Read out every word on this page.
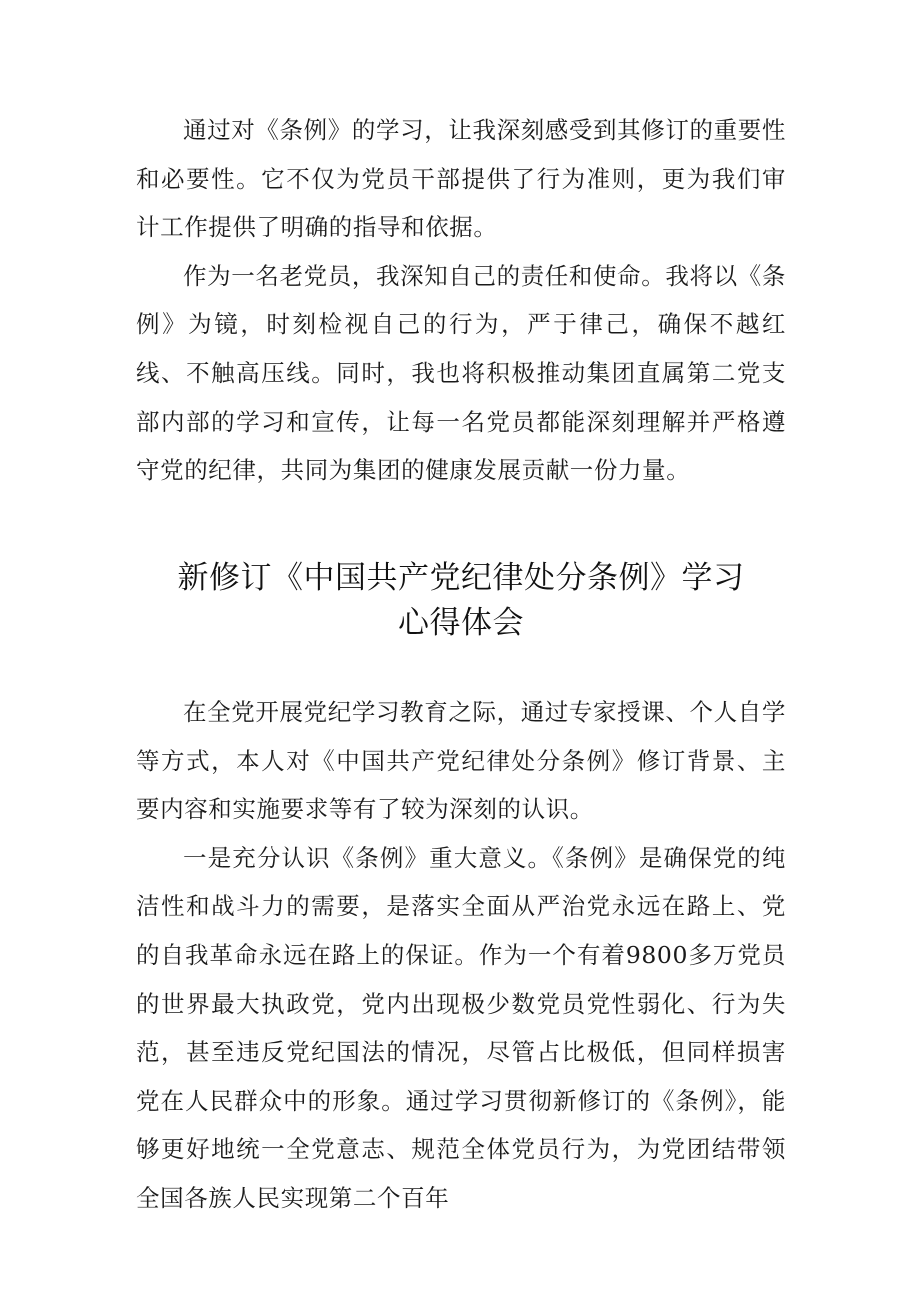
通过对《条例》的学习，让我深刻感受到其修订的重要性和必要性。它不仅为党员干部提供了行为准则，更为我们审计工作提供了明确的指导和依据。

作为一名老党员，我深知自己的责任和使命。我将以《条例》为镜，时刻检视自己的行为，严于律己，确保不越红线、不触高压线。同时，我也将积极推动集团直属第二党支部内部的学习和宣传，让每一名党员都能深刻理解并严格遵守党的纪律，共同为集团的健康发展贡献一份力量。

新修订《中国共产党纪律处分条例》学习
心得体会

在全党开展党纪学习教育之际，通过专家授课、个人自学等方式，本人对《中国共产党纪律处分条例》修订背景、主要内容和实施要求等有了较为深刻的认识。

一是充分认识《条例》重大意义。《条例》是确保党的纯洁性和战斗力的需要，是落实全面从严治党永远在路上、党的自我革命永远在路上的保证。作为一个有着9800多万党员的世界最大执政党，党内出现极少数党员党性弱化、行为失范，甚至违反党纪国法的情况，尽管占比极低，但同样损害党在人民群众中的形象。通过学习贯彻新修订的《条例》，能够更好地统一全党意志、规范全体党员行为，为党团结带领全国各族人民实现第二个百年
